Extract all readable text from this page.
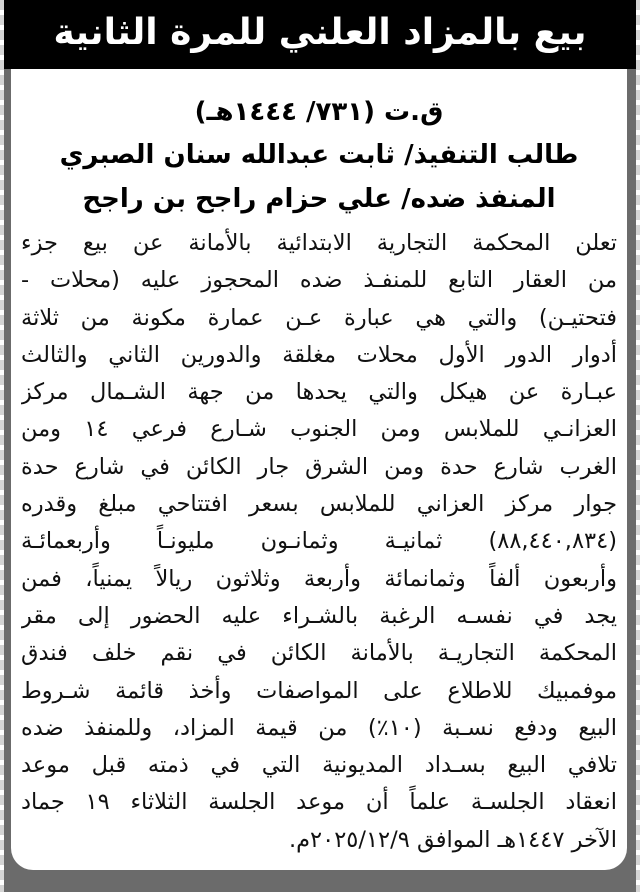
بيع بالمزاد العلني للمرة الثانية
ق.ت (٧٣١/ ١٤٤٤هـ)
طالب التنفيذ/ ثابت عبدالله سنان الصبري
المنفذ ضده/ علي حزام راجح بن راجح
تعلن المحكمة التجارية الابتدائية بالأمانة عن بيع جزء
من العقار التابع للمنفـذ ضده المحجوز عليه (محلات -
فتحتيـن) والتي هي عبارة عـن عمارة مكونة من ثلاثة
أدوار الدور الأول محلات مغلقة والدورين الثاني والثالث
عبـارة عن هيكل والتي يحدها من جهة الشـمال مركز
العزانـي للملابس ومن الجنوب شـارع فرعي ١٤ ومن
الغرب شارع حدة ومن الشرق جار الكائن في شارع حدة
جوار مركز العزاني للملابس بسعر افتتاحي مبلغ وقدره
(٨٨,٤٤٠,٨٣٤) ثمانيـة وثمانـون مليونـاً وأربعمائـة
وأربعون ألفاً وثمانمائة وأربعة وثلاثون ريالاً يمنياً، فمن
يجد في نفسـه الرغبة بالشـراء عليه الحضور إلى مقر
المحكمة التجاريـة بالأمانة الكائن في نقم خلف فندق
موفمبيك للاطلاع على المواصفات وأخذ قائمة شـروط
البيع ودفع نسـبة (١٠٪) من قيمة المزاد، وللمنفذ ضده
تلافي البيع بسـداد المديونية التي في ذمته قبل موعد
انعقاد الجلسـة علماً أن موعد الجلسة الثلاثاء ١٩ جماد
الآخر ١٤٤٧هـ الموافق ٢٠٢٥/١٢/٩م.
